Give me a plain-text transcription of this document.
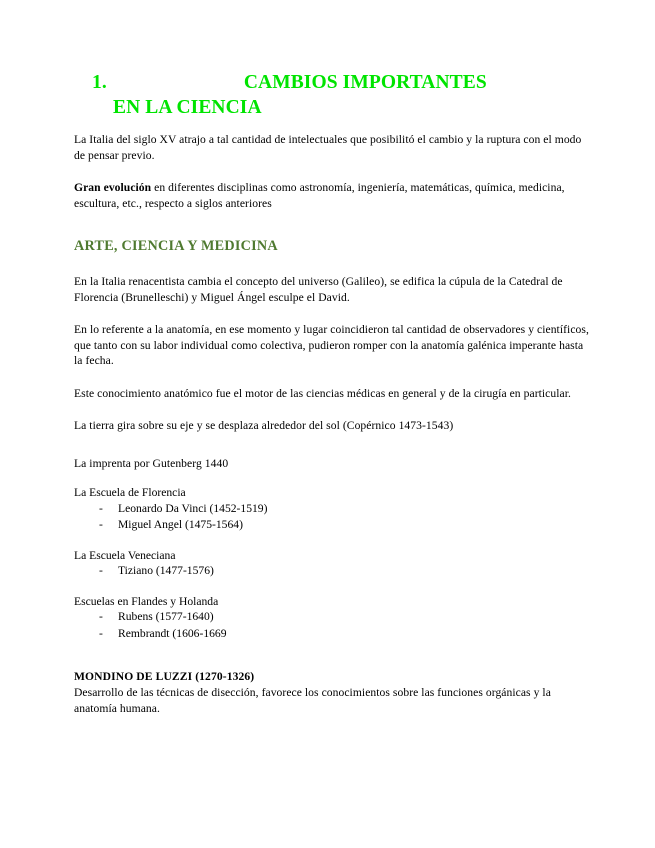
1.	CAMBIOS IMPORTANTES
EN LA CIENCIA

La Italia del siglo XV atrajo a tal cantidad de intelectuales que posibilitó el cambio y la ruptura con el modo de pensar previo.

Gran evolución en diferentes disciplinas como astronomía, ingeniería, matemáticas, química, medicina, escultura, etc., respecto a siglos anteriores

ARTE, CIENCIA Y MEDICINA

En la Italia renacentista cambia el concepto del universo (Galileo), se edifica la cúpula de la Catedral de Florencia (Brunelleschi) y Miguel Ángel esculpe el David.

En lo referente a la anatomía, en ese momento y lugar coincidieron tal cantidad de observadores y científicos, que tanto con su labor individual como colectiva, pudieron romper con la anatomía galénica imperante hasta la fecha.

Este conocimiento anatómico fue el motor de las ciencias médicas en general y de la cirugía en particular.

La tierra gira sobre su eje y se desplaza alrededor del sol (Copérnico 1473-1543)

La imprenta por Gutenberg 1440

La Escuela de Florencia

- Leonardo Da Vinci (1452-1519)
- Miguel Angel (1475-1564)

La Escuela Veneciana

- Tiziano (1477-1576)

Escuelas en Flandes y Holanda

- Rubens (1577-1640)
- Rembrandt (1606-1669

MONDINO DE LUZZI (1270-1326)

Desarrollo de las técnicas de disección, favorece los conocimientos sobre las funciones orgánicas y la anatomía humana.
